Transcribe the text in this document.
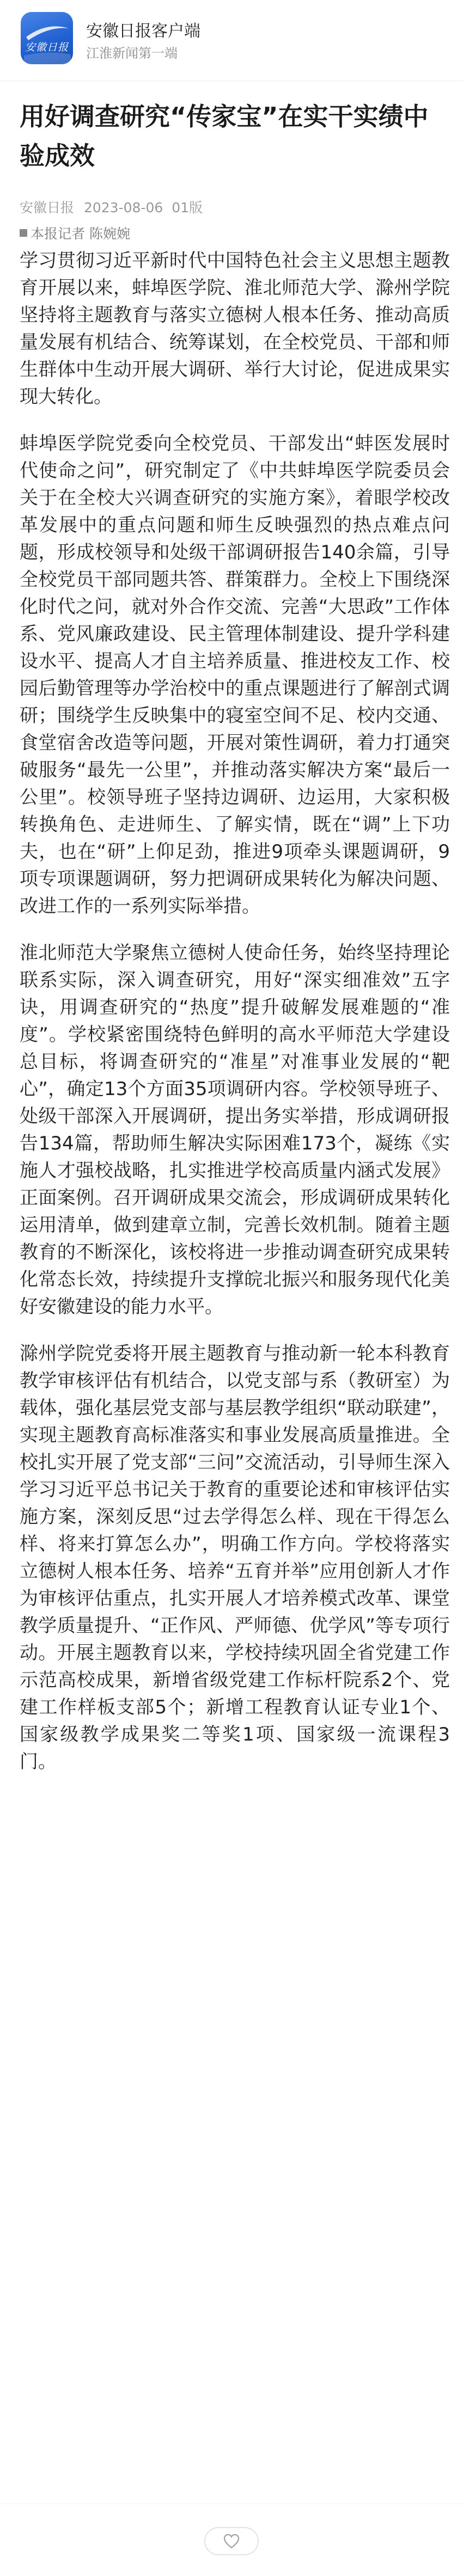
安徽日报
安徽日报客户端
江淮新闻第一端
用好调查研究“传家宝”在实干实绩中验成效
安徽日报 2023-08-06 01版
本报记者 陈婉婉

学习贯彻习近平新时代中国特色社会主义思想主题教育开展以来，蚌埠医学院、淮北师范大学、滁州学院坚持将主题教育与落实立德树人根本任务、推动高质量发展有机结合、统筹谋划，在全校党员、干部和师生群体中生动开展大调研、举行大讨论，促进成果实现大转化。

蚌埠医学院党委向全校党员、干部发出“蚌医发展时代使命之问”，研究制定了《中共蚌埠医学院委员会关于在全校大兴调查研究的实施方案》，着眼学校改革发展中的重点问题和师生反映强烈的热点难点问题，形成校领导和处级干部调研报告140余篇，引导全校党员干部同题共答、群策群力。全校上下围绕深化时代之问，就对外合作交流、完善“大思政”工作体系、党风廉政建设、民主管理体制建设、提升学科建设水平、提高人才自主培养质量、推进校友工作、校园后勤管理等办学治校中的重点课题进行了解剖式调研；围绕学生反映集中的寝室空间不足、校内交通、食堂宿舍改造等问题，开展对策性调研，着力打通突破服务“最先一公里”，并推动落实解决方案“最后一公里”。校领导班子坚持边调研、边运用，大家积极转换角色、走进师生、了解实情，既在“调”上下功夫，也在“研”上仰足劲，推进9项牵头课题调研，9项专项课题调研，努力把调研成果转化为解决问题、改进工作的一系列实际举措。

淮北师范大学聚焦立德树人使命任务，始终坚持理论联系实际，深入调查研究，用好“深实细准效”五字诀，用调查研究的“热度”提升破解发展难题的“准度”。学校紧密围绕特色鲜明的高水平师范大学建设总目标，将调查研究的“准星”对准事业发展的“靶心”，确定13个方面35项调研内容。学校领导班子、处级干部深入开展调研，提出务实举措，形成调研报告134篇，帮助师生解决实际困难173个，凝练《实施人才强校战略，扎实推进学校高质量内涵式发展》正面案例。召开调研成果交流会，形成调研成果转化运用清单，做到建章立制，完善长效机制。随着主题教育的不断深化，该校将进一步推动调查研究成果转化常态长效，持续提升支撑皖北振兴和服务现代化美好安徽建设的能力水平。

滁州学院党委将开展主题教育与推动新一轮本科教育教学审核评估有机结合，以党支部与系（教研室）为载体，强化基层党支部与基层教学组织“联动联建”，实现主题教育高标准落实和事业发展高质量推进。全校扎实开展了党支部“三问”交流活动，引导师生深入学习习近平总书记关于教育的重要论述和审核评估实施方案，深刻反思“过去学得怎么样、现在干得怎么样、将来打算怎么办”，明确工作方向。学校将落实立德树人根本任务、培养“五育并举”应用创新人才作为审核评估重点，扎实开展人才培养模式改革、课堂教学质量提升、“正作风、严师德、优学风”等专项行动。开展主题教育以来，学校持续巩固全省党建工作示范高校成果，新增省级党建工作标杆院系2个、党建工作样板支部5个；新增工程教育认证专业1个、国家级教学成果奖二等奖1项、国家级一流课程3门。
